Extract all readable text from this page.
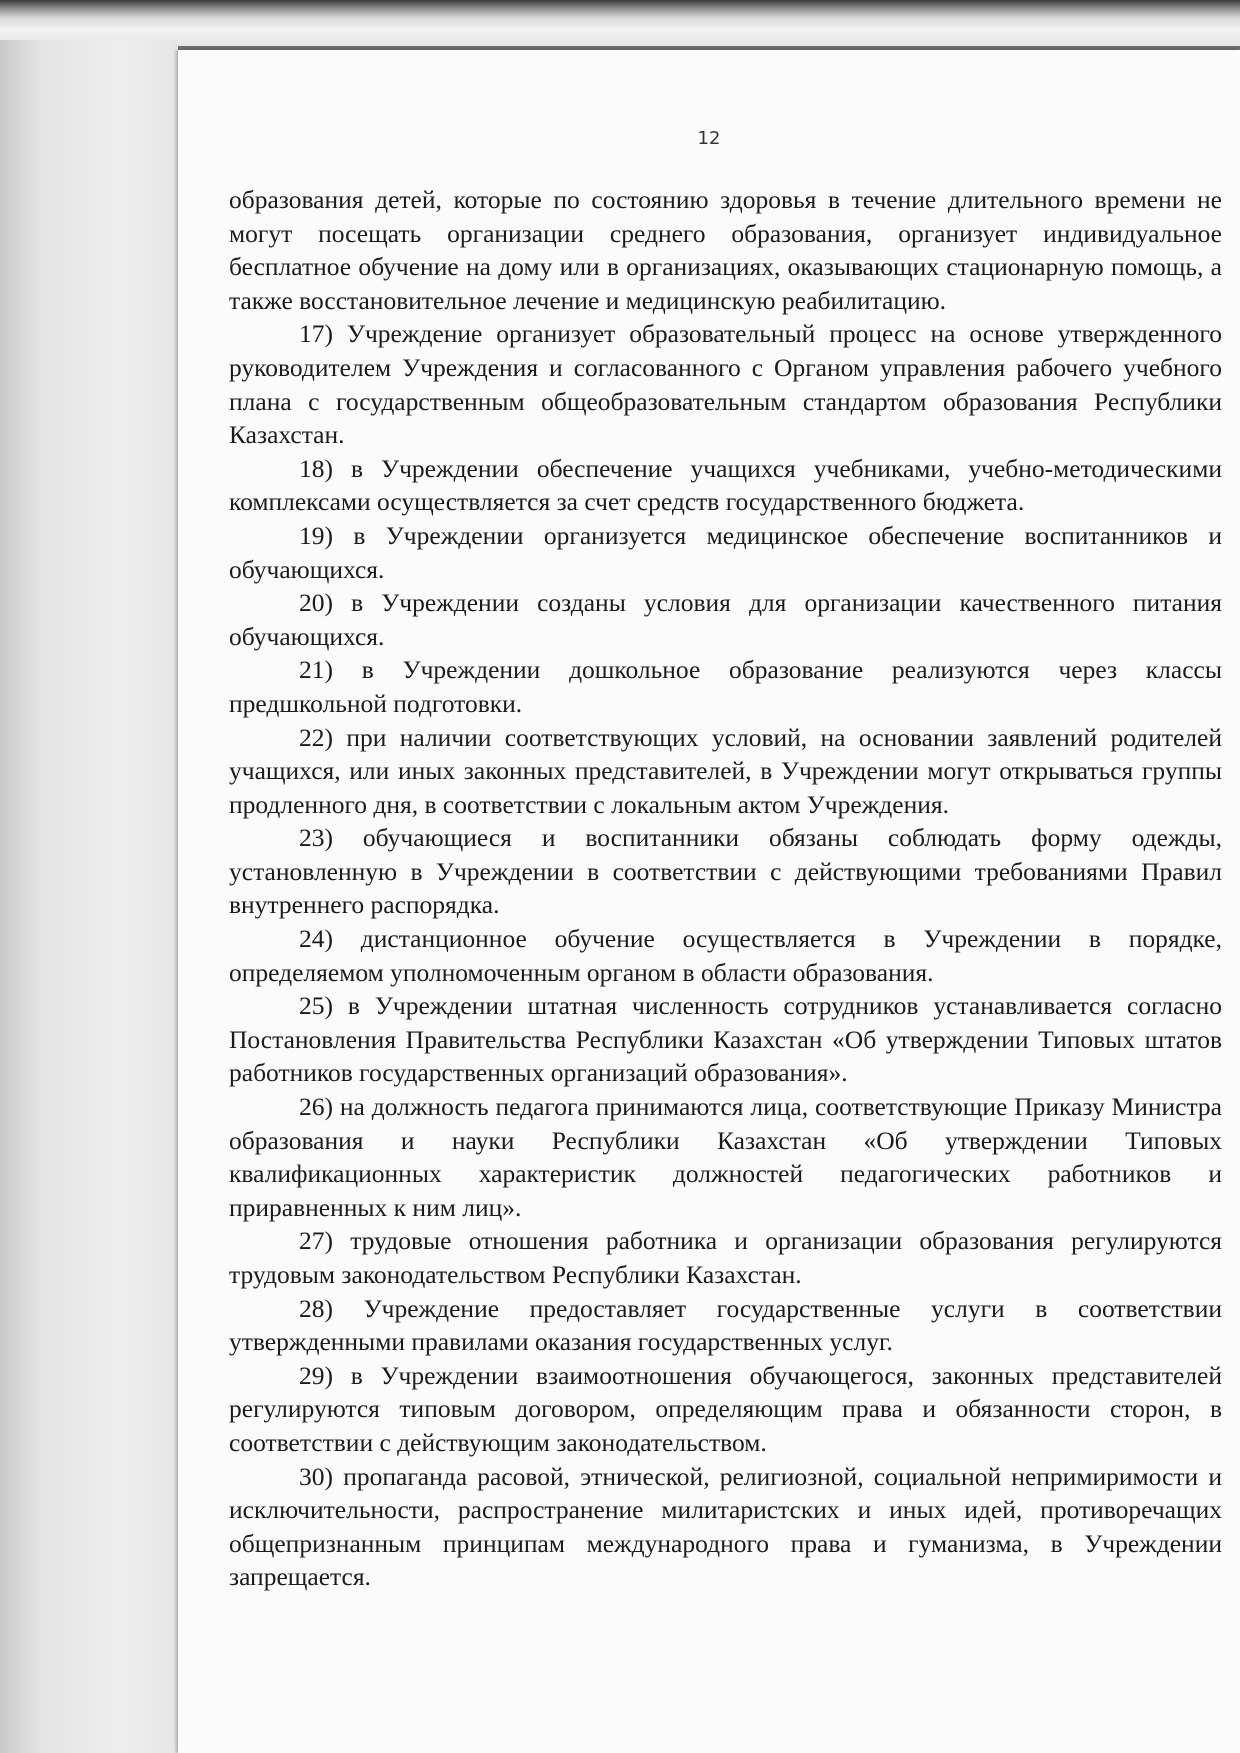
12

образования детей, которые по состоянию здоровья в течение длительного времени не могут посещать организации среднего образования, организует индивидуальное бесплатное обучение на дому или в организациях, оказывающих стационарную помощь, а также восстановительное лечение и медицинскую реабилитацию.

17) Учреждение организует образовательный процесс на основе утвержденного руководителем Учреждения и согласованного с Органом управления рабочего учебного плана с государственным общеобразовательным стандартом образования Республики Казахстан.

18) в Учреждении обеспечение учащихся учебниками, учебно-методическими комплексами осуществляется за счет средств государственного бюджета.

19) в Учреждении организуется медицинское обеспечение воспитанников и обучающихся.

20) в Учреждении созданы условия для организации качественного питания обучающихся.

21) в Учреждении дошкольное образование реализуются через классы предшкольной подготовки.

22) при наличии соответствующих условий, на основании заявлений родителей учащихся, или иных законных представителей, в Учреждении могут открываться группы продленного дня, в соответствии с локальным актом Учреждения.

23) обучающиеся и воспитанники обязаны соблюдать форму одежды, установленную в Учреждении в соответствии с действующими требованиями Правил внутреннего распорядка.

24) дистанционное обучение осуществляется в Учреждении в порядке, определяемом уполномоченным органом в области образования.

25) в Учреждении штатная численность сотрудников устанавливается согласно Постановления Правительства Республики Казахстан «Об утверждении Типовых штатов работников государственных организаций образования».

26) на должность педагога принимаются лица, соответствующие Приказу Министра образования и науки Республики Казахстан «Об утверждении Типовых квалификационных характеристик должностей педагогических работников и приравненных к ним лиц».

27) трудовые отношения работника и организации образования регулируются трудовым законодательством Республики Казахстан.

28) Учреждение предоставляет государственные услуги в соответствии утвержденными правилами оказания государственных услуг.

29) в Учреждении взаимоотношения обучающегося, законных представителей регулируются типовым договором, определяющим права и обязанности сторон, в соответствии с действующим законодательством.

30) пропаганда расовой, этнической, религиозной, социальной непримиримости и исключительности, распространение милитаристских и иных идей, противоречащих общепризнанным принципам международного права и гуманизма, в Учреждении запрещается.
